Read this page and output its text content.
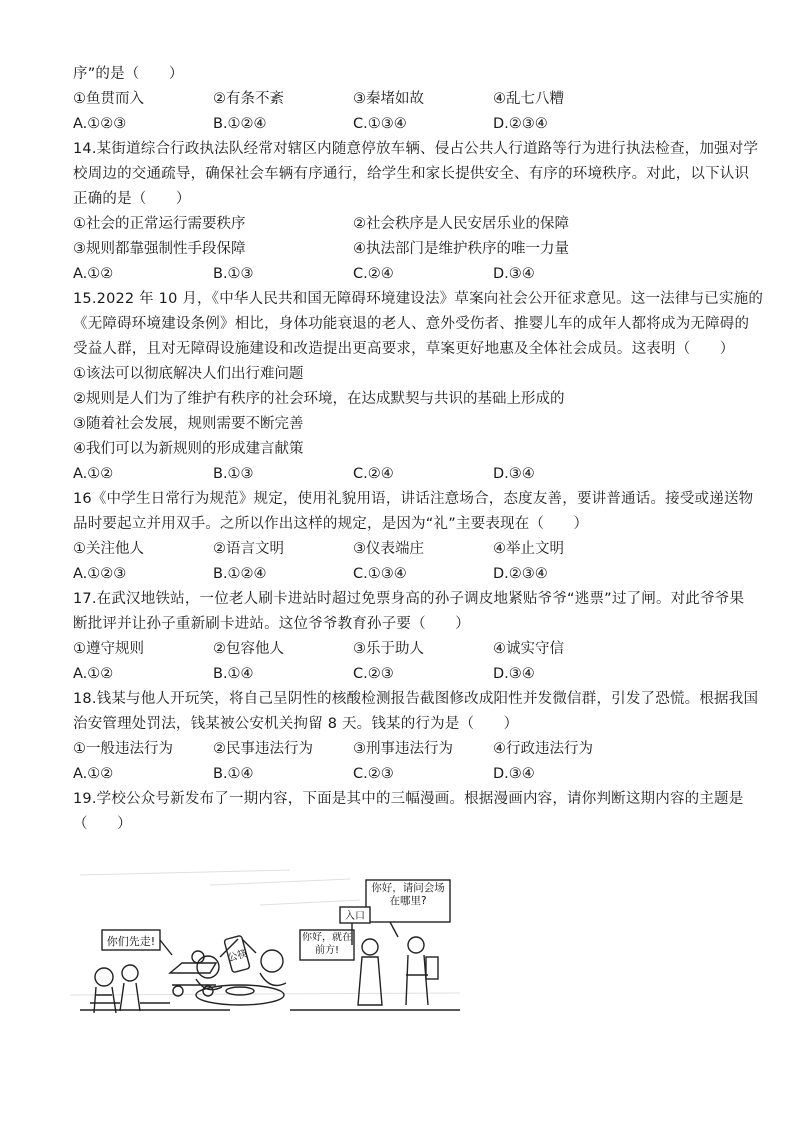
序”的是（　　）
①鱼贯而入	②有条不紊	③秦堵如故	④乱七八糟
A.①②③	B.①②④	C.①③④	D.②③④
14.某街道综合行政执法队经常对辖区内随意停放车辆、侵占公共人行道路等行为进行执法检查，加强对学
校周边的交通疏导，确保社会车辆有序通行，给学生和家长提供安全、有序的环境秩序。对此，以下认识
正确的是（　　）
①社会的正常运行需要秩序	②社会秩序是人民安居乐业的保障
③规则都靠强制性手段保障	④执法部门是维护秩序的唯一力量
A.①②	B.①③	C.②④	D.③④
15.2022 年 10 月，《中华人民共和国无障碍环境建设法》草案向社会公开征求意见。这一法律与已实施的
《无障碍环境建设条例》相比，身体功能衰退的老人、意外受伤者、推婴儿车的成年人都将成为无障碍的
受益人群，且对无障碍设施建设和改造提出更高要求，草案更好地惠及全体社会成员。这表明（　　）
①该法可以彻底解决人们出行难问题
②规则是人们为了维护有秩序的社会环境，在达成默契与共识的基础上形成的
③随着社会发展，规则需要不断完善
④我们可以为新规则的形成建言献策
A.①②	B.①③	C.②④	D.③④
16《中学生日常行为规范》规定，使用礼貌用语，讲话注意场合，态度友善，要讲普通话。接受或递送物
品时要起立并用双手。之所以作出这样的规定，是因为“礼”主要表现在（　　）
①关注他人	②语言文明	③仪表端庄	④举止文明
A.①②③	B.①②④	C.①③④	D.②③④
17.在武汉地铁站，一位老人刷卡进站时超过免票身高的孙子调皮地紧贴爷爷“逃票”过了闸。对此爷爷果
断批评并让孙子重新刷卡进站。这位爷爷教育孙子要（　　）
①遵守规则	②包容他人	③乐于助人	④诚实守信
A.①②	B.①④	C.②③	D.③④
18.钱某与他人开玩笑，将自己呈阴性的核酸检测报告截图修改成阳性并发微信群，引发了恐慌。根据我国
治安管理处罚法，钱某被公安机关拘留 8 天。钱某的行为是（　　）
①一般违法行为	②民事违法行为	③刑事违法行为	④行政违法行为
A.①②	B.①④	C.②③	D.③④
19.学校公众号新发布了一期内容，下面是其中的三幅漫画。根据漫画内容，请你判断这期内容的主题是
（　　）
你们先走!
公筷
入口
你好，请问会场在哪里?
你好，就在前方!
